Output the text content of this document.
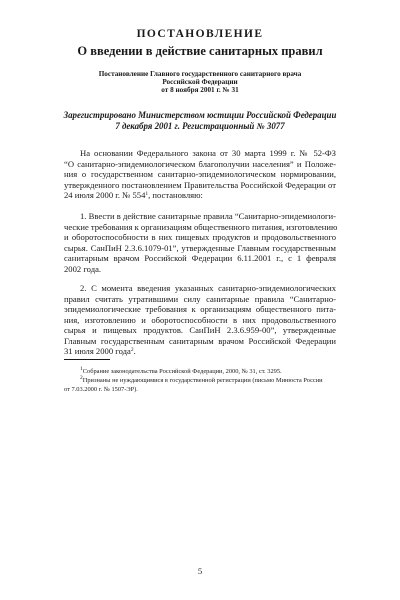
ПОСТАНОВЛЕНИЕ
О введении в действие санитарных правил
Постановление Главного государственного санитарного врача
Российской Федерации
от 8 ноября 2001 г. № 31
Зарегистрировано Министерством юстиции Российской Федерации
7 декабря 2001 г. Регистрационный № 3077
На основании Федерального закона от 30 марта 1999 г. № 52-ФЗ
“О санитарно-эпидемиологическом благополучии населения” и Положе-
ния о государственном санитарно-эпидемиологическом нормировании,
утвержденного постановлением Правительства Российской Федерации от
24 июля 2000 г. № $554^1$, постановляю:
1. Ввести в действие санитарные правила “Санитарно-эпидемиологи-
ческие требования к организациям общественного питания, изготовлению
и оборотоспособности в них пищевых продуктов и продовольственного
сырья. СанПиН 2.3.6.1079-01”, утвержденные Главным государственным
санитарным врачом Российской Федерации 6.11.2001 г., с 1 февраля
2002 года.
2. С момента введения указанных санитарно-эпидемиологических
правил считать утратившими силу санитарные правила “Санитарно-
эпидемиологические требования к организациям общественного пита-
ния, изготовлению и оборотоспособности в них продовольственного
сырья и пищевых продуктов. СанПиН 2.3.6.959-00”, утвержденные
Главным государственным санитарным врачом Российской Федерации
31 июля 2000 года$^2$.
$^1$Собрание законодательства Российской Федерации, 2000, № 31, ст. 3295.
$^2$Признаны не нуждающимися в государственной регистрации (письмо Минюста России
от 7.03.2000 г. № 1507-ЭР).
5
